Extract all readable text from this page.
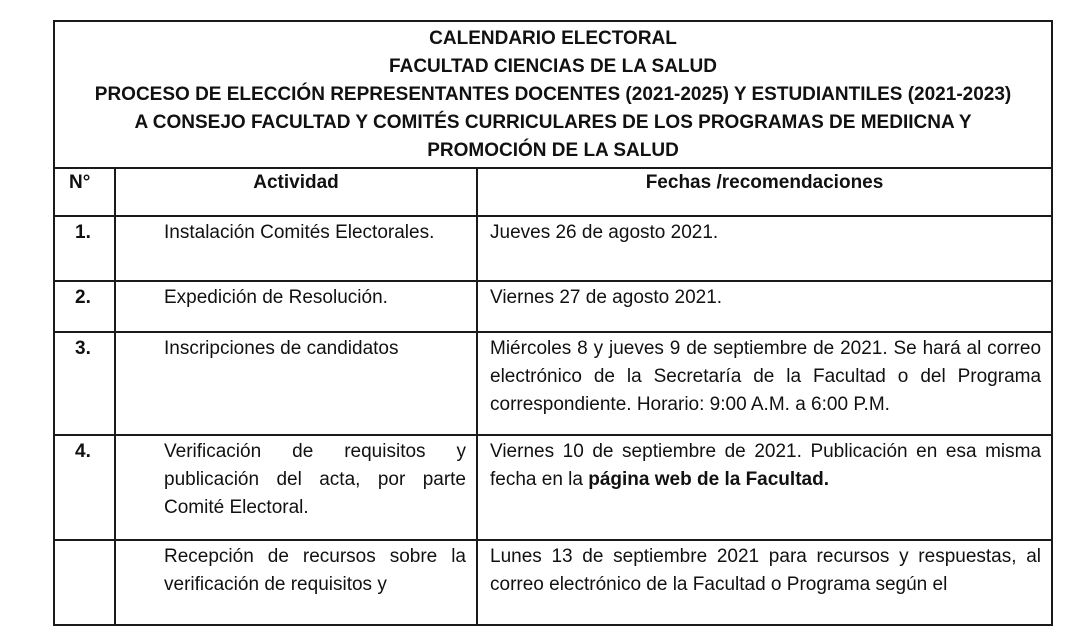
CALENDARIO ELECTORAL
FACULTAD CIENCIAS DE LA SALUD
PROCESO DE ELECCIÓN REPRESENTANTES DOCENTES (2021-2025) Y ESTUDIANTILES (2021-2023)
A CONSEJO FACULTAD Y COMITÉS CURRICULARES DE LOS PROGRAMAS DE MEDIICNA Y PROMOCIÓN DE LA SALUD		

N°	Actividad	Fechas /recomendaciones
1.	Instalación Comités Electorales.	Jueves 26 de agosto 2021.
2.	Expedición de Resolución.	Viernes 27 de agosto 2021.
3.	Inscripciones de candidatos	Miércoles 8 y jueves 9 de septiembre de 2021. Se hará al correo electrónico de la Secretaría de la Facultad o del Programa correspondiente. Horario: 9:00 A.M. a 6:00 P.M.
4.	Verificación de requisitos y publicación del acta, por parte Comité Electoral.	Viernes 10 de septiembre de 2021. Publicación en esa misma fecha en la página web de la Facultad.
	Recepción de recursos sobre la verificación de requisitos y	Lunes 13 de septiembre 2021 para recursos y respuestas, al correo electrónico de la Facultad o Programa según el
